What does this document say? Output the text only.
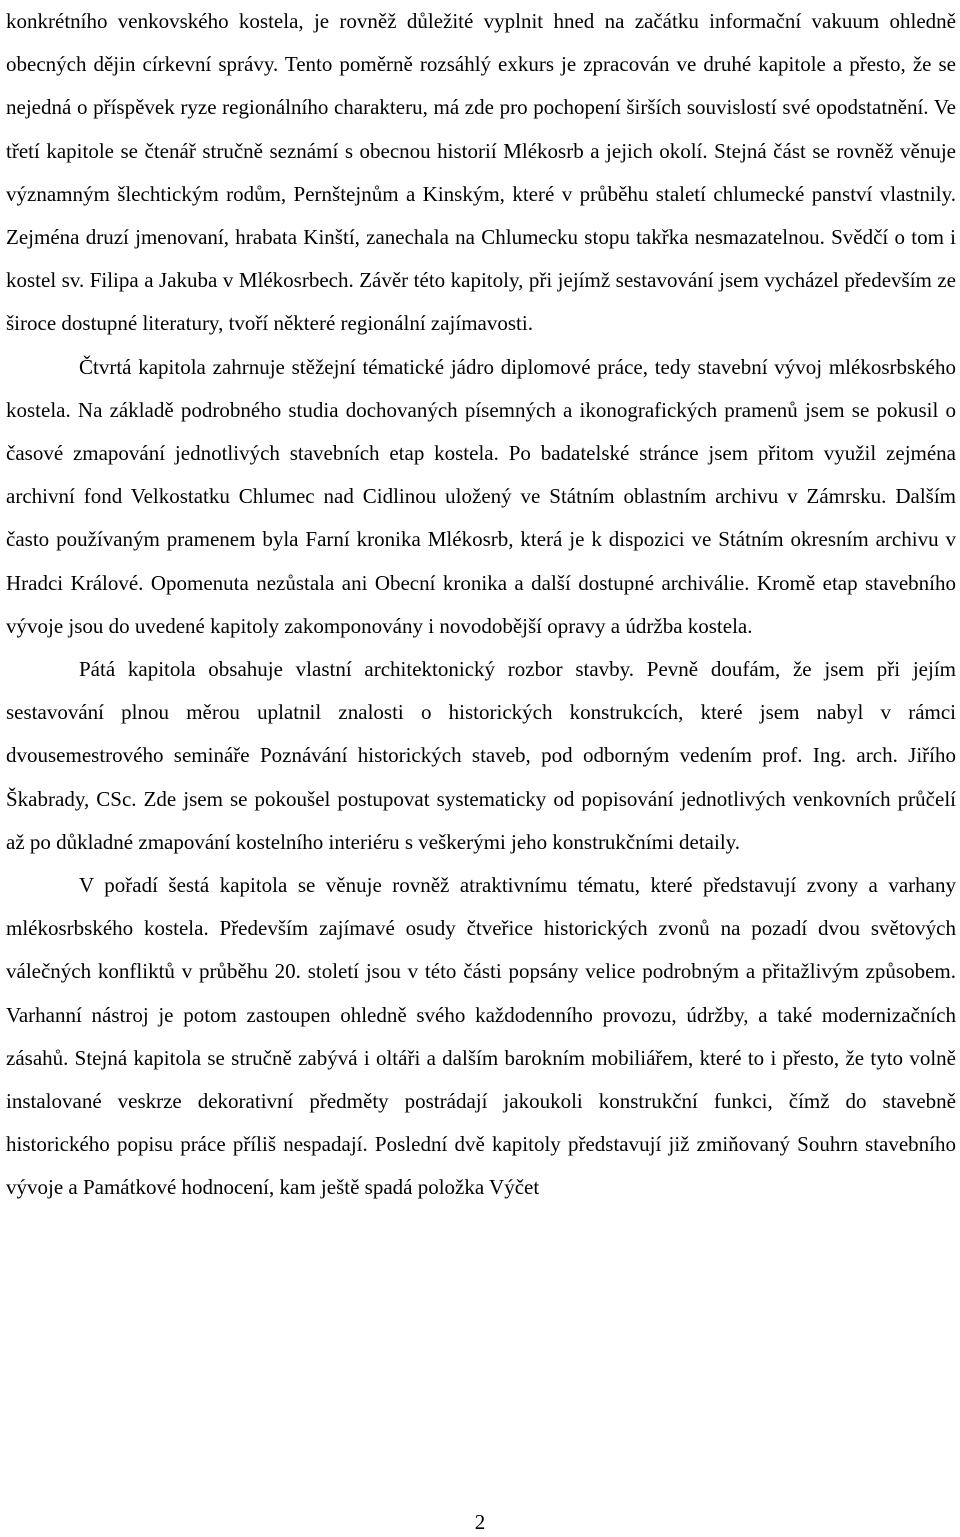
konkrétního venkovského kostela, je rovněž důležité vyplnit hned na začátku informační vakuum ohledně obecných dějin církevní správy. Tento poměrně rozsáhlý exkurs je zpracován ve druhé kapitole a přesto, že se nejedná o příspěvek ryze regionálního charakteru, má zde pro pochopení širších souvislostí své opodstatnění. Ve třetí kapitole se čtenář stručně seznámí s obecnou historií Mlékosrb a jejich okolí. Stejná část se rovněž věnuje významným šlechtickým rodům, Pernštejnům a Kinským, které v průběhu staletí chlumecké panství vlastnily. Zejména druzí jmenovaní, hrabata Kinští, zanechala na Chlumecku stopu takřka nesmazatelnou. Svědčí o tom i kostel sv. Filipa a Jakuba v Mlékosrbech. Závěr této kapitoly, při jejímž sestavování jsem vycházel především ze široce dostupné literatury, tvoří některé regionální zajímavosti.

Čtvrtá kapitola zahrnuje stěžejní tématické jádro diplomové práce, tedy stavební vývoj mlékosrbského kostela. Na základě podrobného studia dochovaných písemných a ikonografických pramenů jsem se pokusil o časové zmapování jednotlivých stavebních etap kostela. Po badatelské stránce jsem přitom využil zejména archivní fond Velkostatku Chlumec nad Cidlinou uložený ve Státním oblastním archivu v Zámrsku. Dalším často používaným pramenem byla Farní kronika Mlékosrb, která je k dispozici ve Státním okresním archivu v Hradci Králové. Opomenuta nezůstala ani Obecní kronika a další dostupné archiválie. Kromě etap stavebního vývoje jsou do uvedené kapitoly zakomponovány i novodobější opravy a údržba kostela.

Pátá kapitola obsahuje vlastní architektonický rozbor stavby. Pevně doufám, že jsem při jejím sestavování plnou měrou uplatnil znalosti o historických konstrukcích, které jsem nabyl v rámci dvousemestrového semináře Poznávání historických staveb, pod odborným vedením prof. Ing. arch. Jiřího Škabrady, CSc. Zde jsem se pokoušel postupovat systematicky od popisování jednotlivých venkovních průčelí až po důkladné zmapování kostelního interiéru s veškerými jeho konstrukčními detaily.

V pořadí šestá kapitola se věnuje rovněž atraktivnímu tématu, které představují zvony a varhany mlékosrbského kostela. Především zajímavé osudy čtveřice historických zvonů na pozadí dvou světových válečných konfliktů v průběhu 20. století jsou v této části popsány velice podrobným a přitažlivým způsobem. Varhanní nástroj je potom zastoupen ohledně svého každodenního provozu, údržby, a také modernizačních zásahů. Stejná kapitola se stručně zabývá i oltáři a dalším barokním mobiliářem, které to i přesto, že tyto volně instalované veskrze dekorativní předměty postrádají jakoukoli konstrukční funkci, čímž do stavebně historického popisu práce příliš nespadají. Poslední dvě kapitoly představují již zmiňovaný Souhrn stavebního vývoje a Památkové hodnocení, kam ještě spadá položka Výčet

2
